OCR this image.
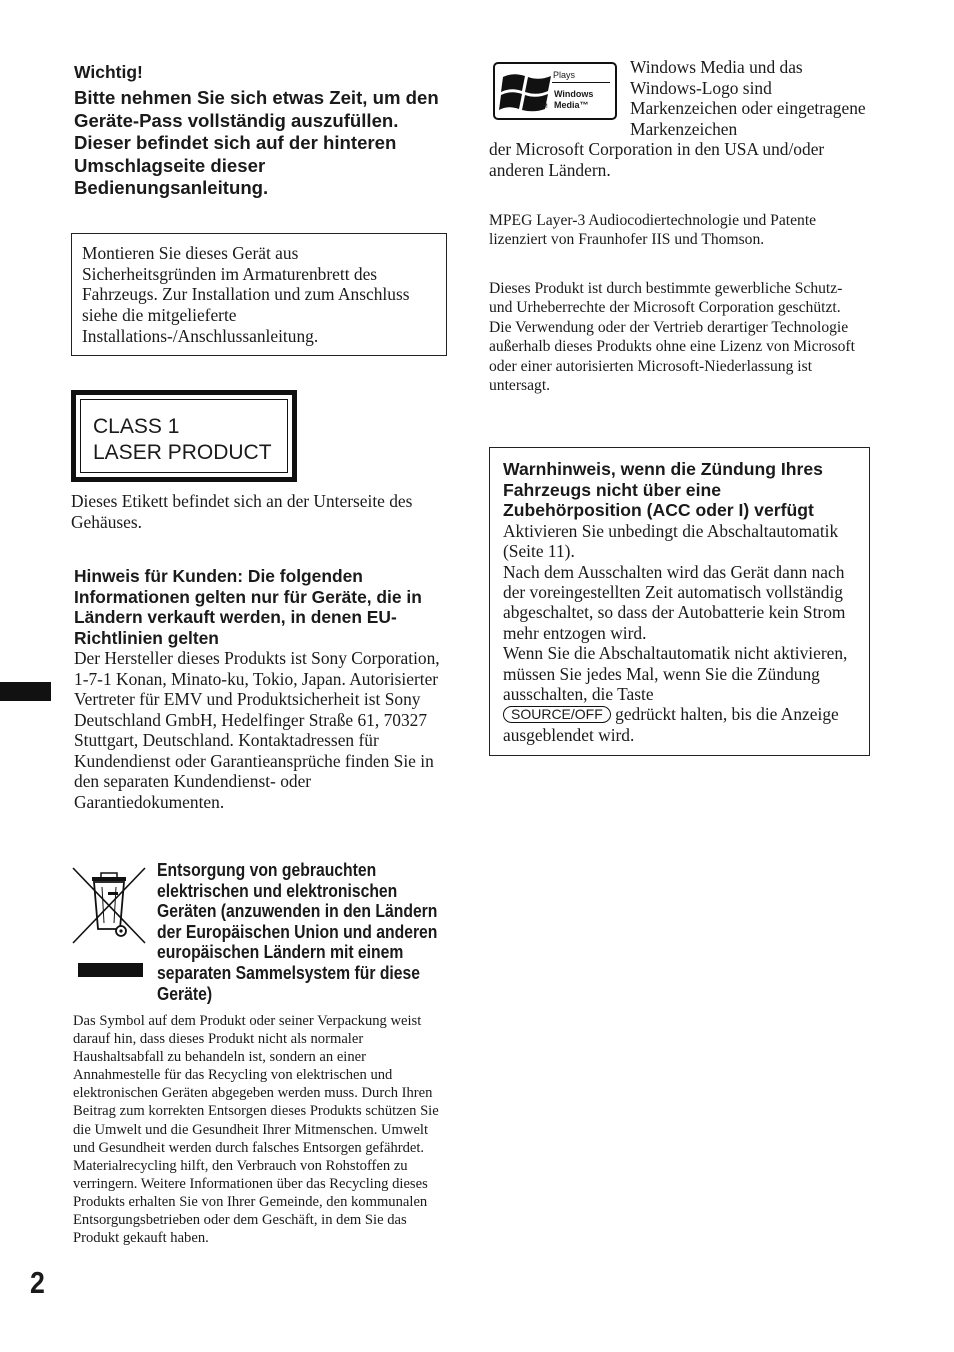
Wichtig!

Bitte nehmen Sie sich etwas Zeit, um den Geräte-Pass vollständig auszufüllen. Dieser befindet sich auf der hinteren Umschlagseite dieser Bedienungsanleitung.

Montieren Sie dieses Gerät aus Sicherheitsgründen im Armaturenbrett des Fahrzeugs. Zur Installation und zum Anschluss siehe die mitgelieferte Installations-/Anschlussanleitung.

CLASS 1
LASER PRODUCT

Dieses Etikett befindet sich an der Unterseite des Gehäuses.

Hinweis für Kunden: Die folgenden Informationen gelten nur für Geräte, die in Ländern verkauft werden, in denen EU-Richtlinien gelten

Der Hersteller dieses Produkts ist Sony Corporation, 1-7-1 Konan, Minato-ku, Tokio, Japan. Autorisierter Vertreter für EMV und Produktsicherheit ist Sony Deutschland GmbH, Hedelfinger Straße 61, 70327 Stuttgart, Deutschland. Kontaktadressen für Kundendienst oder Garantieansprüche finden Sie in den separaten Kundendienst- oder Garantiedokumenten.

Entsorgung von gebrauchten elektrischen und elektronischen Geräten (anzuwenden in den Ländern der Europäischen Union und anderen europäischen Ländern mit einem separaten Sammelsystem für diese Geräte)

Das Symbol auf dem Produkt oder seiner Verpackung weist darauf hin, dass dieses Produkt nicht als normaler Haushaltsabfall zu behandeln ist, sondern an einer Annahmestelle für das Recycling von elektrischen und elektronischen Geräten abgegeben werden muss. Durch Ihren Beitrag zum korrekten Entsorgen dieses Produkts schützen Sie die Umwelt und die Gesundheit Ihrer Mitmenschen. Umwelt und Gesundheit werden durch falsches Entsorgen gefährdet. Materialrecycling hilft, den Verbrauch von Rohstoffen zu verringern. Weitere Informationen über das Recycling dieses Produkts erhalten Sie von Ihrer Gemeinde, den kommunalen Entsorgungsbetrieben oder dem Geschäft, in dem Sie das Produkt gekauft haben.

2
Plays
Windows
Media™
TM

Windows Media und das Windows-Logo sind Markenzeichen oder eingetragene Markenzeichen
der Microsoft Corporation in den USA und/oder anderen Ländern.

MPEG Layer-3 Audiocodiertechnologie und Patente lizenziert von Fraunhofer IIS und Thomson.

Dieses Produkt ist durch bestimmte gewerbliche Schutz- und Urheberrechte der Microsoft Corporation geschützt. Die Verwendung oder der Vertrieb derartiger Technologie außerhalb dieses Produkts ohne eine Lizenz von Microsoft oder einer autorisierten Microsoft-Niederlassung ist untersagt.

Warnhinweis, wenn die Zündung Ihres Fahrzeugs nicht über eine Zubehörposition (ACC oder I) verfügt

Aktivieren Sie unbedingt die Abschaltautomatik (Seite 11).

Nach dem Ausschalten wird das Gerät dann nach der voreingestellten Zeit automatisch vollständig abgeschaltet, so dass der Autobatterie kein Strom mehr entzogen wird.

Wenn Sie die Abschaltautomatik nicht aktivieren, müssen Sie jedes Mal, wenn Sie die Zündung ausschalten, die Taste
SOURCE/OFF gedrückt halten, bis die Anzeige ausgeblendet wird.
